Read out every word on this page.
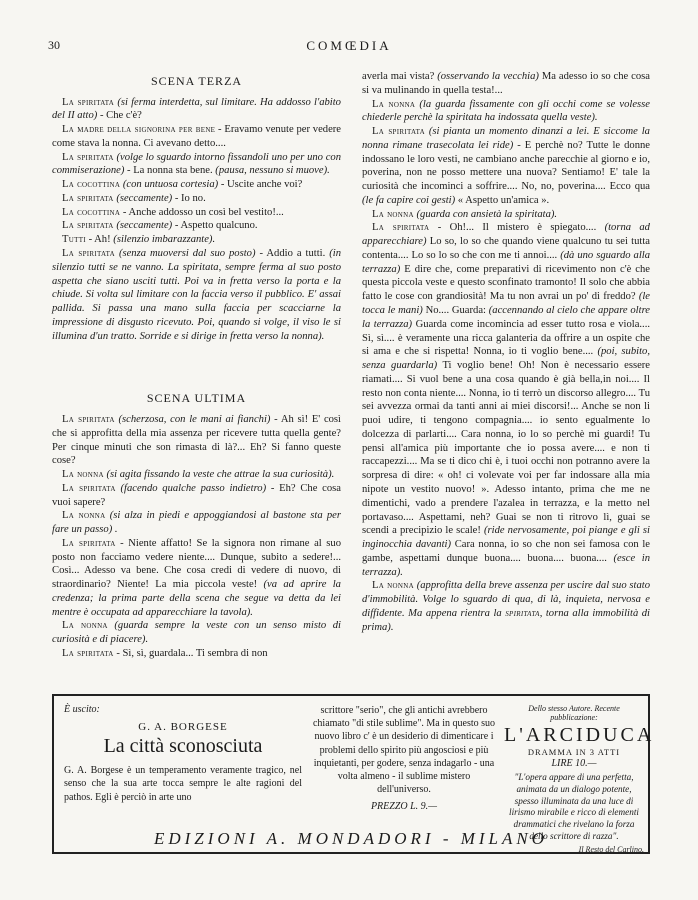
30	COMŒDIA
SCENA TERZA

La spiritata (si ferma interdetta, sul limitare. Ha addosso l'abito del II atto) - Che c'è?

La madre della signorina per bene - Eravamo venute per vedere come stava la nonna. Ci avevano detto....

La spiritata (volge lo sguardo intorno fissandoli uno per uno con commiserazione) - La nonna sta bene. (pausa, nessuno si muove).

La cocottina (con untuosa cortesia) - Uscite anche voi?

La spiritata (seccamente) - Io no.

La cocottina - Anche addosso un così bel vestito!...

La spiritata (seccamente) - Aspetto qualcuno.

Tutti - Ah! (silenzio imbarazzante).

La spiritata (senza muoversi dal suo posto) - Addio a tutti. (in silenzio tutti se ne vanno. La spiritata, sempre ferma al suo posto aspetta che siano usciti tutti. Poi va in fretta verso la porta e la chiude. Si volta sul limitare con la faccia verso il pubblico. E' assai pallida. Si passa una mano sulla faccia per scacciarne la impressione di disgusto ricevuto. Poi, quando si volge, il viso le si illumina d'un tratto. Sorride e si dirige in fretta verso la nonna).

SCENA ULTIMA

La spiritata (scherzosa, con le mani ai fianchi) - Ah sì! E' così che si approfitta della mia assenza per ricevere tutta quella gente? Per cinque minuti che son rimasta di là?... Eh? Si fanno queste cose?

La nonna (si agita fissando la veste che attrae la sua curiosità).

La spiritata (facendo qualche passo indietro) - Eh? Che cosa vuoi sapere?

La nonna (si alza in piedi e appoggiandosi al bastone sta per fare un passo) .

La spiritata - Niente affatto! Se la signora non rimane al suo posto non facciamo vedere niente.... Dunque, subito a sedere!... Così... Adesso va bene. Che cosa credi di vedere di nuovo, di straordinario? Niente! La mia piccola veste! (va ad aprire la credenza; la prima parte della scena che segue va detta da lei mentre è occupata ad apparecchiare la tavola).

La nonna (guarda sempre la veste con un senso misto di curiosità e di piacere).

La spiritata - Sì, sì, guardala... Ti sembra di non

averla mai vista? (osservando la vecchia) Ma adesso io so che cosa si va mulinando in quella testa!...

La nonna (la guarda fissamente con gli occhi come se volesse chiederle perchè la spiritata ha indossata quella veste).

La spiritata (si pianta un momento dinanzi a lei. E siccome la nonna rimane trasecolata lei ride) - E perchè no? Tutte le donne indossano le loro vesti, ne cambiano anche parecchie al giorno e io, poverina, non ne posso mettere una nuova? Sentiamo! E' tale la curiosità che incominci a soffrire.... No, no, poverina.... Ecco qua (le fa capire coi gesti) « Aspetto un'amica ».

La nonna (guarda con ansietà la spiritata).

La spiritata - Oh!... Il mistero è spiegato.... (torna ad apparecchiare) Lo so, lo so che quando viene qualcuno tu sei tutta contenta.... Lo so lo so che con me ti annoi.... (dà uno sguardo alla terrazza) E dire che, come preparativi di ricevimento non c'è che questa piccola veste e questo sconfinato tramonto! Il solo che abbia fatto le cose con grandiosità! Ma tu non avrai un po' di freddo? (le tocca le mani) No.... Guarda: (accennando al cielo che appare oltre la terrazza) Guarda come incomincia ad esser tutto rosa e viola.... Sì, sì.... è veramente una ricca galanteria da offrire a un ospite che si ama e che si rispetta! Nonna, io ti voglio bene.... (poi, subito, senza guardarla) Ti voglio bene! Oh! Non è necessario essere riamati.... Si vuol bene a una cosa quando è già bella,in noi.... Il resto non conta niente.... Nonna, io ti terrò un discorso allegro.... Tu sei avvezza ormai da tanti anni ai miei discorsi!... Anche se non li puoi udire, ti tengono compagnia.... io sento egualmente lo dolcezza di parlarti.... Cara nonna, io lo so perchè mi guardi! Tu pensi all'amica più importante che io possa avere.... e non ti raccapezzi.... Ma se ti dico chi è, i tuoi occhi non potranno avere la sorpresa di dire: « oh! ci volevate voi per far indossare alla mia nipote un vestito nuovo! ». Adesso intanto, prima che me ne dimentichi, vado a prendere l'azalea in terrazza, e la metto nel portavaso.... Aspettami, neh? Guai se non ti ritrovo lì, guai se scendi a precipizio le scale! (ride nervosamente, poi piange e gli si inginocchia davanti) Cara nonna, io so che non sei famosa con le gambe, aspettami dunque buona.... buona.... buona.... (esce in terrazza).

La nonna (approfitta della breve assenza per uscire dal suo stato d'immobilità. Volge lo sguardo di qua, di là, inquieta, nervosa e diffidente. Ma appena rientra la spiritata, torna alla immobilità di prima).

È uscito:
G. A. BORGESE
La città sconosciuta
G. A. Borgese è un temperamento veramente tragico, nel senso che la sua arte tocca sempre le alte ragioni del pathos. Egli è perciò in arte uno
scrittore "serio", che gli antichi avrebbero chiamato "di stile sublime". Ma in questo suo nuovo libro c' è un desiderio di dimenticare i problemi dello spirito più angosciosi e più inquietanti, per godere, senza indagarlo - una volta almeno - il sublime mistero dell'universo.
PREZZO L. 9.—
Dello stesso Autore. Recente pubblicazione:
L'ARCIDUCA
DRAMMA IN 3 ATTI
LIRE 10.—
"L'opera appare di una perfetta, animata da un dialogo potente, spesso illuminata da una luce di lirismo mirabile e ricco di elementi drammatici che rivelano la forza dello scrittore di razza".
Il Resto del Carlino.
EDIZIONI A. MONDADORI - MILANO
